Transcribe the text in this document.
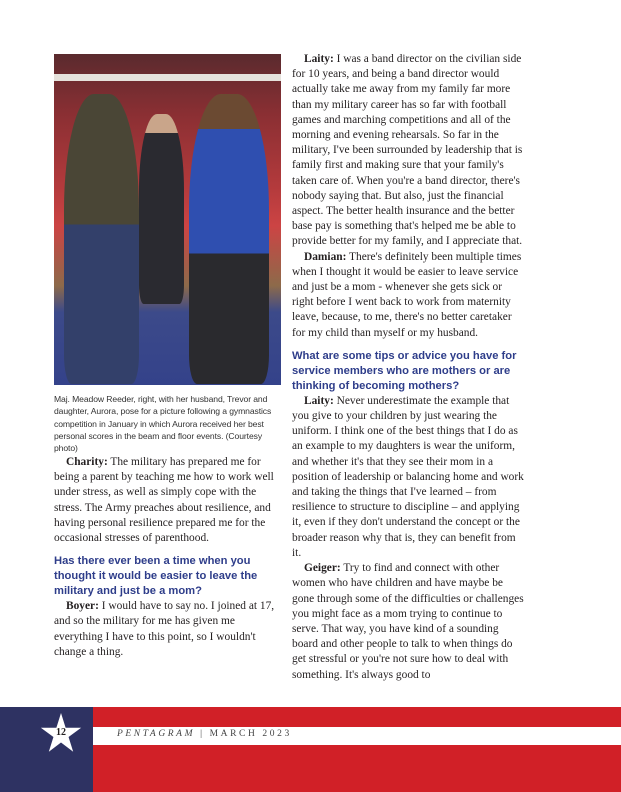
Maj. Meadow Reeder, right, with her husband, Trevor and daughter, Aurora, pose for a picture following a gymnastics competition in January in which Aurora received her best personal scores in the beam and floor events. (Courtesy photo)

Charity: The military has prepared me for being a parent by teaching me how to work well under stress, as well as simply cope with the stress. The Army preaches about resilience, and having personal resilience prepared me for the occasional stresses of parenthood.

Has there ever been a time when you thought it would be easier to leave the military and just be a mom?

Boyer: I would have to say no. I joined at 17, and so the military for me has given me everything I have to this point, so I wouldn't change a thing.

Laity: I was a band director on the civilian side for 10 years, and being a band director would actually take me away from my family far more than my military career has so far with football games and marching competitions and all of the morning and evening rehearsals. So far in the military, I've been surrounded by leadership that is family first and making sure that your family's taken care of. When you're a band director, there's nobody saying that. But also, just the financial aspect. The better health insurance and the better base pay is something that's helped me be able to provide better for my family, and I appreciate that.

Damian: There's definitely been multiple times when I thought it would be easier to leave service and just be a mom - whenever she gets sick or right before I went back to work from maternity leave, because, to me, there's no better caretaker for my child than myself or my husband.

What are some tips or advice you have for service members who are mothers or are thinking of becoming mothers?

Laity: Never underestimate the example that you give to your children by just wearing the uniform. I think one of the best things that I do as an example to my daughters is wear the uniform, and whether it's that they see their mom in a position of leadership or balancing home and work and taking the things that I've learned – from resilience to structure to discipline – and applying it, even if they don't understand the concept or the broader reason why that is, they can benefit from it.

Geiger: Try to find and connect with other women who have children and have maybe be gone through some of the difficulties or challenges you might face as a mom trying to continue to serve. That way, you have kind of a sounding board and other people to talk to when things do get stressful or you're not sure how to deal with something. It's always good to

12	PENTAGRAM | MARCH 2023
